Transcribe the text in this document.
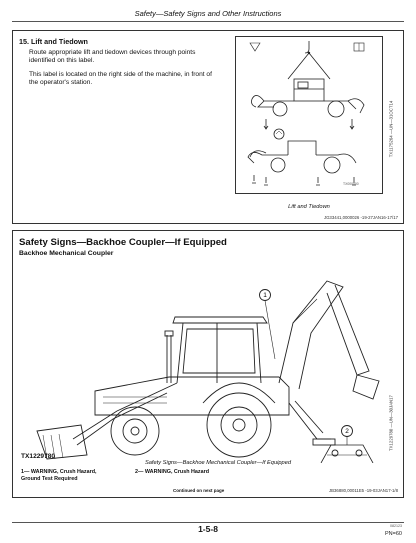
Safety—Safety Signs and Other Instructions
15. Lift and Tiedown
Route appropriate lift and tiedown devices through points identified on this label.
This label is located on the right side of the machine, in front of the operator's station.
TX1175264 —UN—31OCT14
TX000000
Lift and Tiedown
JG33441,0000026 -19-27JAN16-17/17
Safety Signs—Backhoe Coupler—If Equipped
Backhoe Mechanical Coupler
1
2	TX1229780 —UN—30JAN17
TX1229780
Safety Signs—Backhoe Mechanical Coupler—If Equipped
1— WARNING, Crush Hazard, Ground Test Required
2— WARNING, Crush Hazard
Continued on next page	JB36880,00011E5 -19-03JAN17-1/8
1-5-8	082123
PN=60
